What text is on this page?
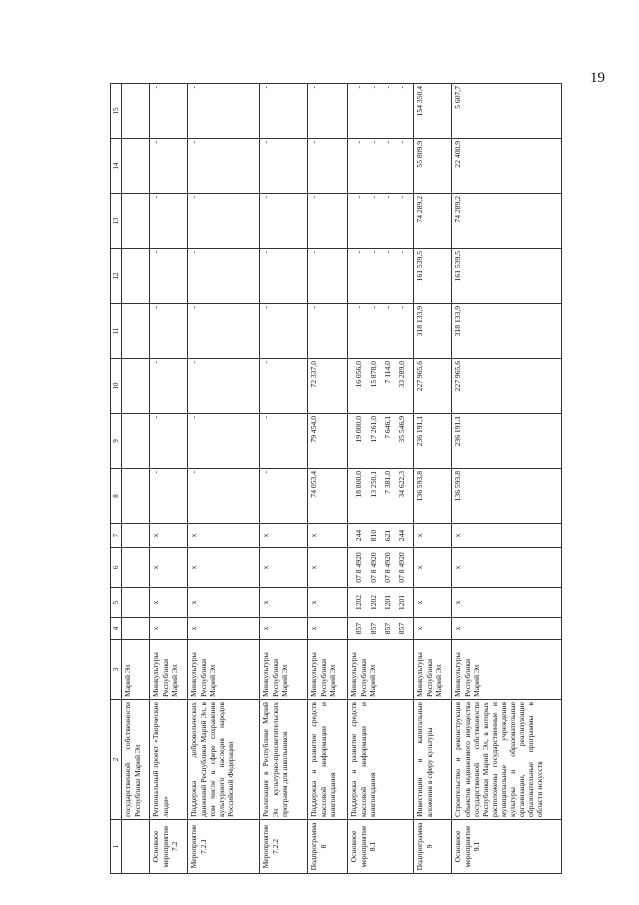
19
1	2	3	4	5	6	7	8	9	10	11	12	13	14	15
	государственной собственности Республики Марий Эл	Марий Эл												
Основное мероприятие 7.2	Региональный проект «Творческие люди»	Минкультуры Республики Марий Эл	х	х	х	х	-	-	-	-	-	-	-	-
Мероприятие 7.2.1	Поддержка добровольческих движений Республики Марий Эл, в том числе в сфере сохранения культурного наследия народов Российской Федерации	Минкультуры Республики Марий Эл	х	х	х	х	-	-	-	-	-	-	-	-
Мероприятие 7.2.2	Реализация в Республике Марий Эл культурно-просветительских программ для школьников	Минкультуры Республики Марий Эл	х	х	х	х	-	-	-	-	-	-	-	-
Подпрограмма 8	Поддержка и развитие средств массовой информации и книгоиздания	Минкультуры Республики Марий Эл	х	х	х	х	74 053,4	79 454,0	72 337,0	-	-	-	-	-
Основное мероприятие 8.1	Поддержка и развитие средств массовой информации и книгоиздания	Минкультуры Республики Марий Эл	857 857 857 857	1202 1202 1201 1201	07 8 4920 07 8 4920 07 8 4920 07 8 4920	244 810 621 244	18 800,0 13 250,1 7 381,0 34 622,3	19 000,0 17 261,0 7 646,1 35 546,9	16 056,0 15 878,0 7 114,0 33 289,0	- - - -	- - - -	- - - -	- - - -	- - - -

Подпрограмма 9	Инвестиции и капитальные вложения в сферу культуры	Минкультуры Республики Марий Эл	х	х	х	х	136 593,8	236 191,1	227 965,6	318 133,9	161 539,5	74 289,2	55 809,9	154 350,4
Основное мероприятие 9.1	Строительство и реконструкция объектов недвижимого имущества государственной собственности Республики Марий Эл, в которых расположены государственные и муниципальные учреждения культуры и образовательные организации, реализующие образовательные программы в области искусств	Минкультуры Республики Марий Эл	х	х	х	х	136 593,8	236 191,1	227 965,6	318 133,9	161 539,5	74 289,2	22 400,9	5 607,7
